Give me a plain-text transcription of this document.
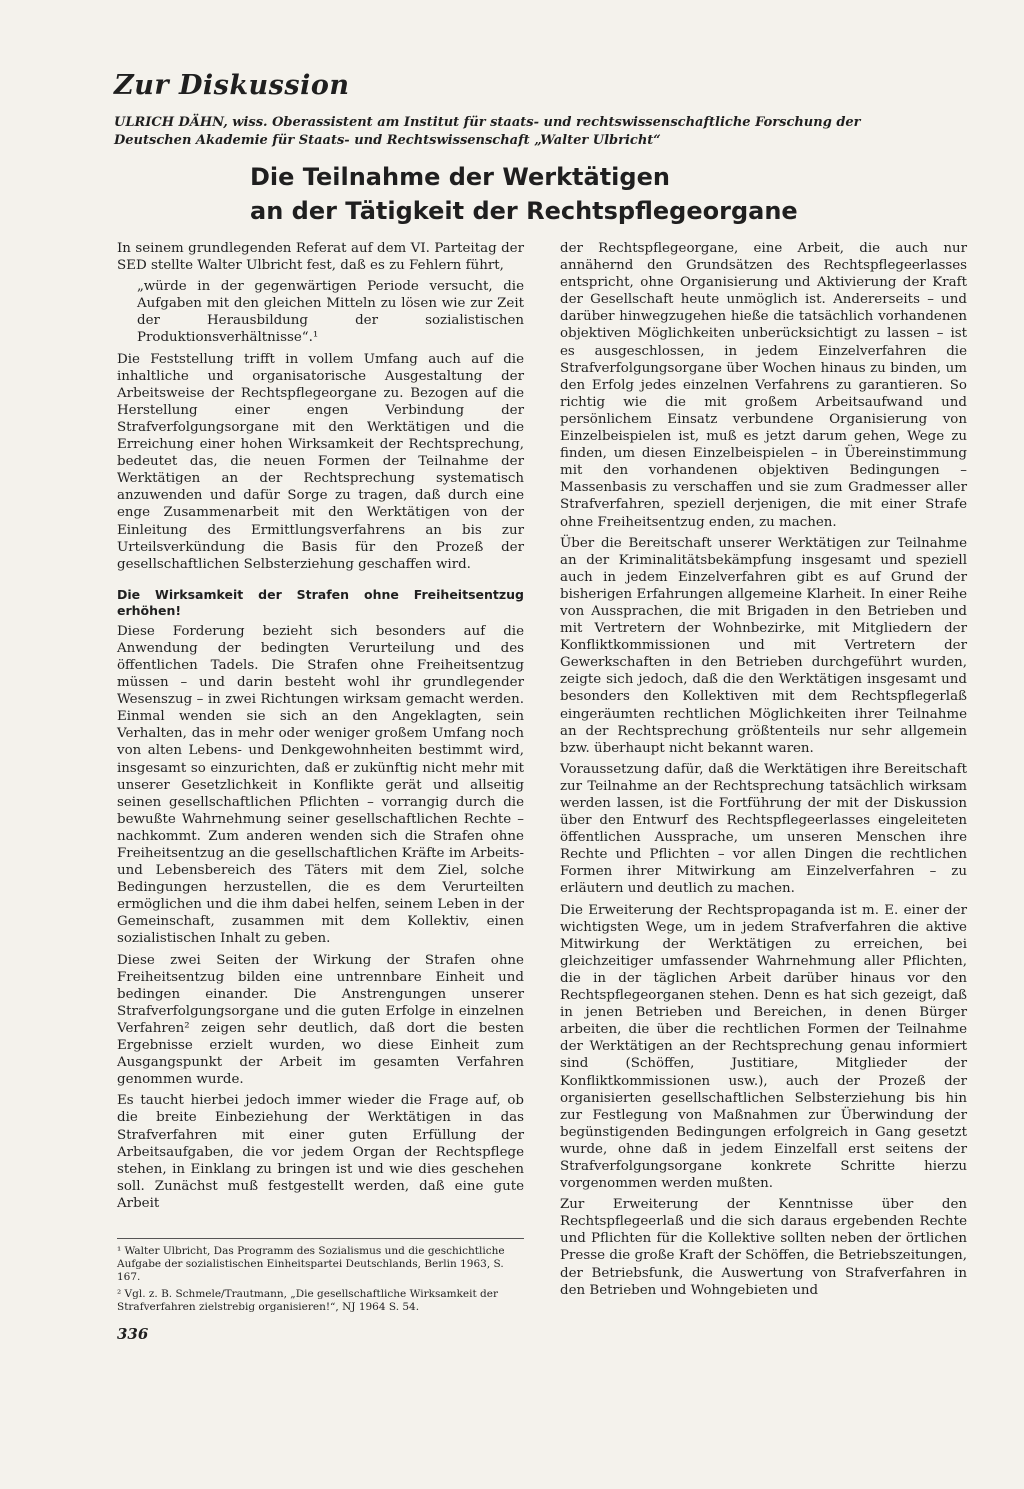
Zur Diskussion
ULRICH DÄHN, wiss. Oberassistent am Institut für staats- und rechtswissenschaftliche Forschung der Deutschen Akademie für Staats- und Rechtswissenschaft „Walter Ulbricht“
Die Teilnahme der Werktätigen
an der Tätigkeit der Rechtspflegeorgane

In seinem grundlegenden Referat auf dem VI. Parteitag der SED stellte Walter Ulbricht fest, daß es zu Fehlern führt,

„würde in der gegenwärtigen Periode versucht, die Aufgaben mit den gleichen Mitteln zu lösen wie zur Zeit der Herausbildung der sozialistischen Produktionsverhältnisse“.¹

Die Feststellung trifft in vollem Umfang auch auf die inhaltliche und organisatorische Ausgestaltung der Arbeitsweise der Rechtspflegeorgane zu. Bezogen auf die Herstellung einer engen Verbindung der Strafverfolgungsorgane mit den Werktätigen und die Erreichung einer hohen Wirksamkeit der Rechtsprechung, bedeutet das, die neuen Formen der Teilnahme der Werktätigen an der Rechtsprechung systematisch anzuwenden und dafür Sorge zu tragen, daß durch eine enge Zusammenarbeit mit den Werktätigen von der Einleitung des Ermittlungsverfahrens an bis zur Urteilsverkündung die Basis für den Prozeß der gesellschaftlichen Selbsterziehung geschaffen wird.

Die Wirksamkeit der Strafen ohne Freiheitsentzug erhöhen!

Diese Forderung bezieht sich besonders auf die Anwendung der bedingten Verurteilung und des öffentlichen Tadels. Die Strafen ohne Freiheitsentzug müssen – und darin besteht wohl ihr grundlegender Wesenszug – in zwei Richtungen wirksam gemacht werden. Einmal wenden sie sich an den Angeklagten, sein Verhalten, das in mehr oder weniger großem Umfang noch von alten Lebens- und Denkgewohnheiten bestimmt wird, insgesamt so einzurichten, daß er zukünftig nicht mehr mit unserer Gesetzlichkeit in Konflikte gerät und allseitig seinen gesellschaftlichen Pflichten – vorrangig durch die bewußte Wahrnehmung seiner gesellschaftlichen Rechte – nachkommt. Zum anderen wenden sich die Strafen ohne Freiheitsentzug an die gesellschaftlichen Kräfte im Arbeits- und Lebensbereich des Täters mit dem Ziel, solche Bedingungen herzustellen, die es dem Verurteilten ermöglichen und die ihm dabei helfen, seinem Leben in der Gemeinschaft, zusammen mit dem Kollektiv, einen sozialistischen Inhalt zu geben.

Diese zwei Seiten der Wirkung der Strafen ohne Freiheitsentzug bilden eine untrennbare Einheit und bedingen einander. Die Anstrengungen unserer Strafverfolgungsorgane und die guten Erfolge in einzelnen Verfahren² zeigen sehr deutlich, daß dort die besten Ergebnisse erzielt wurden, wo diese Einheit zum Ausgangspunkt der Arbeit im gesamten Verfahren genommen wurde.

Es taucht hierbei jedoch immer wieder die Frage auf, ob die breite Einbeziehung der Werktätigen in das Strafverfahren mit einer guten Erfüllung der Arbeitsaufgaben, die vor jedem Organ der Rechtspflege stehen, in Einklang zu bringen ist und wie dies geschehen soll. Zunächst muß festgestellt werden, daß eine gute Arbeit

der Rechtspflegeorgane, eine Arbeit, die auch nur annähernd den Grundsätzen des Rechtspflegeerlasses entspricht, ohne Organisierung und Aktivierung der Kraft der Gesellschaft heute unmöglich ist. Andererseits – und darüber hinwegzugehen hieße die tatsächlich vorhandenen objektiven Möglichkeiten unberücksichtigt zu lassen – ist es ausgeschlossen, in jedem Einzelverfahren die Strafverfolgungsorgane über Wochen hinaus zu binden, um den Erfolg jedes einzelnen Verfahrens zu garantieren. So richtig wie die mit großem Arbeitsaufwand und persönlichem Einsatz verbundene Organisierung von Einzelbeispielen ist, muß es jetzt darum gehen, Wege zu finden, um diesen Einzelbeispielen – in Übereinstimmung mit den vorhandenen objektiven Bedingungen – Massenbasis zu verschaffen und sie zum Gradmesser aller Strafverfahren, speziell derjenigen, die mit einer Strafe ohne Freiheitsentzug enden, zu machen.

Über die Bereitschaft unserer Werktätigen zur Teilnahme an der Kriminalitätsbekämpfung insgesamt und speziell auch in jedem Einzelverfahren gibt es auf Grund der bisherigen Erfahrungen allgemeine Klarheit. In einer Reihe von Aussprachen, die mit Brigaden in den Betrieben und mit Vertretern der Wohnbezirke, mit Mitgliedern der Konfliktkommissionen und mit Vertretern der Gewerkschaften in den Betrieben durchgeführt wurden, zeigte sich jedoch, daß die den Werktätigen insgesamt und besonders den Kollektiven mit dem Rechtspflegerlaß eingeräumten rechtlichen Möglichkeiten ihrer Teilnahme an der Rechtsprechung größtenteils nur sehr allgemein bzw. überhaupt nicht bekannt waren.

Voraussetzung dafür, daß die Werktätigen ihre Bereitschaft zur Teilnahme an der Rechtsprechung tatsächlich wirksam werden lassen, ist die Fortführung der mit der Diskussion über den Entwurf des Rechtspflegeerlasses eingeleiteten öffentlichen Aussprache, um unseren Menschen ihre Rechte und Pflichten – vor allen Dingen die rechtlichen Formen ihrer Mitwirkung am Einzelverfahren – zu erläutern und deutlich zu machen.

Die Erweiterung der Rechtspropaganda ist m. E. einer der wichtigsten Wege, um in jedem Strafverfahren die aktive Mitwirkung der Werktätigen zu erreichen, bei gleichzeitiger umfassender Wahrnehmung aller Pflichten, die in der täglichen Arbeit darüber hinaus vor den Rechtspflegeorganen stehen. Denn es hat sich gezeigt, daß in jenen Betrieben und Bereichen, in denen Bürger arbeiten, die über die rechtlichen Formen der Teilnahme der Werktätigen an der Rechtsprechung genau informiert sind (Schöffen, Justitiare, Mitglieder der Konfliktkommissionen usw.), auch der Prozeß der organisierten gesellschaftlichen Selbsterziehung bis hin zur Festlegung von Maßnahmen zur Überwindung der begünstigenden Bedingungen erfolgreich in Gang gesetzt wurde, ohne daß in jedem Einzelfall erst seitens der Strafverfolgungsorgane konkrete Schritte hierzu vorgenommen werden mußten.

Zur Erweiterung der Kenntnisse über den Rechtspflegeerlaß und die sich daraus ergebenden Rechte und Pflichten für die Kollektive sollten neben der örtlichen Presse die große Kraft der Schöffen, die Betriebszeitungen, der Betriebsfunk, die Auswertung von Strafverfahren in den Betrieben und Wohngebieten und

¹ Walter Ulbricht, Das Programm des Sozialismus und die geschichtliche Aufgabe der sozialistischen Einheitspartei Deutschlands, Berlin 1963, S. 167.

² Vgl. z. B. Schmele/Trautmann, „Die gesellschaftliche Wirksamkeit der Strafverfahren zielstrebig organisieren!“, NJ 1964 S. 54.

336
